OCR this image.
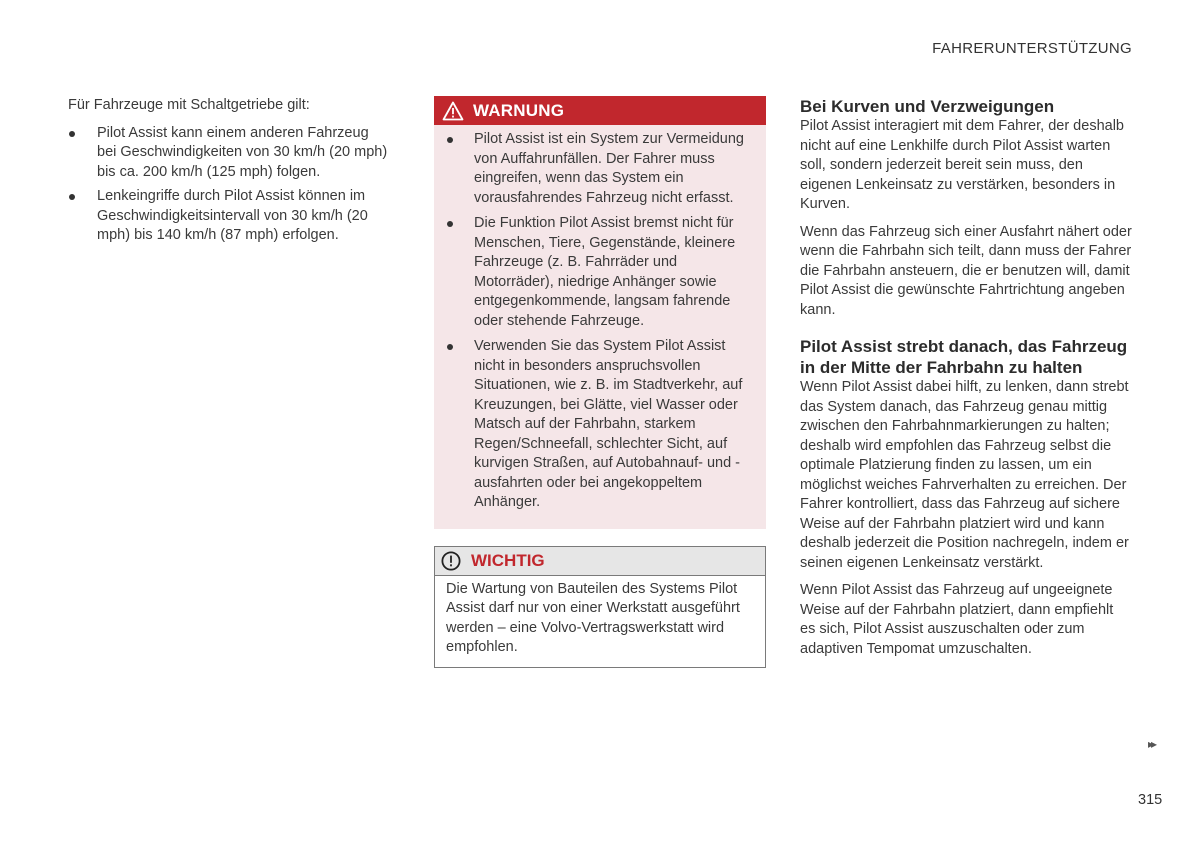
FAHRERUNTERSTÜTZUNG

Für Fahrzeuge mit Schaltgetriebe gilt:

Pilot Assist kann einem anderen Fahrzeug bei Geschwindigkeiten von 30 km/h (20 mph) bis ca. 200 km/h (125 mph) folgen.
Lenkeingriffe durch Pilot Assist können im Geschwindigkeitsintervall von 30 km/h (20 mph) bis 140 km/h (87 mph) erfolgen.
WARNUNG
Pilot Assist ist ein System zur Vermeidung von Auffahrunfällen. Der Fahrer muss eingreifen, wenn das System ein vorausfahrendes Fahrzeug nicht erfasst.
Die Funktion Pilot Assist bremst nicht für Menschen, Tiere, Gegenstände, kleinere Fahrzeuge (z. B. Fahrräder und Motorräder), niedrige Anhänger sowie entgegenkommende, langsam fahrende oder stehende Fahrzeuge.
Verwenden Sie das System Pilot Assist nicht in besonders anspruchsvollen Situationen, wie z. B. im Stadtverkehr, auf Kreuzungen, bei Glätte, viel Wasser oder Matsch auf der Fahrbahn, starkem Regen/Schneefall, schlechter Sicht, auf kurvigen Straßen, auf Autobahnauf- und -ausfahrten oder bei angekoppeltem Anhänger.
WICHTIG

Die Wartung von Bauteilen des Systems Pilot Assist darf nur von einer Werkstatt ausgeführt werden – eine Volvo-Vertragswerkstatt wird empfohlen.

Bei Kurven und Verzweigungen

Pilot Assist interagiert mit dem Fahrer, der deshalb nicht auf eine Lenkhilfe durch Pilot Assist warten soll, sondern jederzeit bereit sein muss, den eigenen Lenkeinsatz zu verstärken, besonders in Kurven.

Wenn das Fahrzeug sich einer Ausfahrt nähert oder wenn die Fahrbahn sich teilt, dann muss der Fahrer die Fahrbahn ansteuern, die er benutzen will, damit Pilot Assist die gewünschte Fahrtrichtung angeben kann.

Pilot Assist strebt danach, das Fahrzeug in der Mitte der Fahrbahn zu halten

Wenn Pilot Assist dabei hilft, zu lenken, dann strebt das System danach, das Fahrzeug genau mittig zwischen den Fahrbahnmarkierungen zu halten; deshalb wird empfohlen das Fahrzeug selbst die optimale Platzierung finden zu lassen, um ein möglichst weiches Fahrverhalten zu erreichen. Der Fahrer kontrolliert, dass das Fahrzeug auf sichere Weise auf der Fahrbahn platziert wird und kann deshalb jederzeit die Position nachregeln, indem er seinen eigenen Lenkeinsatz verstärkt.

Wenn Pilot Assist das Fahrzeug auf ungeeignete Weise auf der Fahrbahn platziert, dann empfiehlt es sich, Pilot Assist auszuschalten oder zum adaptiven Tempomat umzuschalten.

▸▸
315
